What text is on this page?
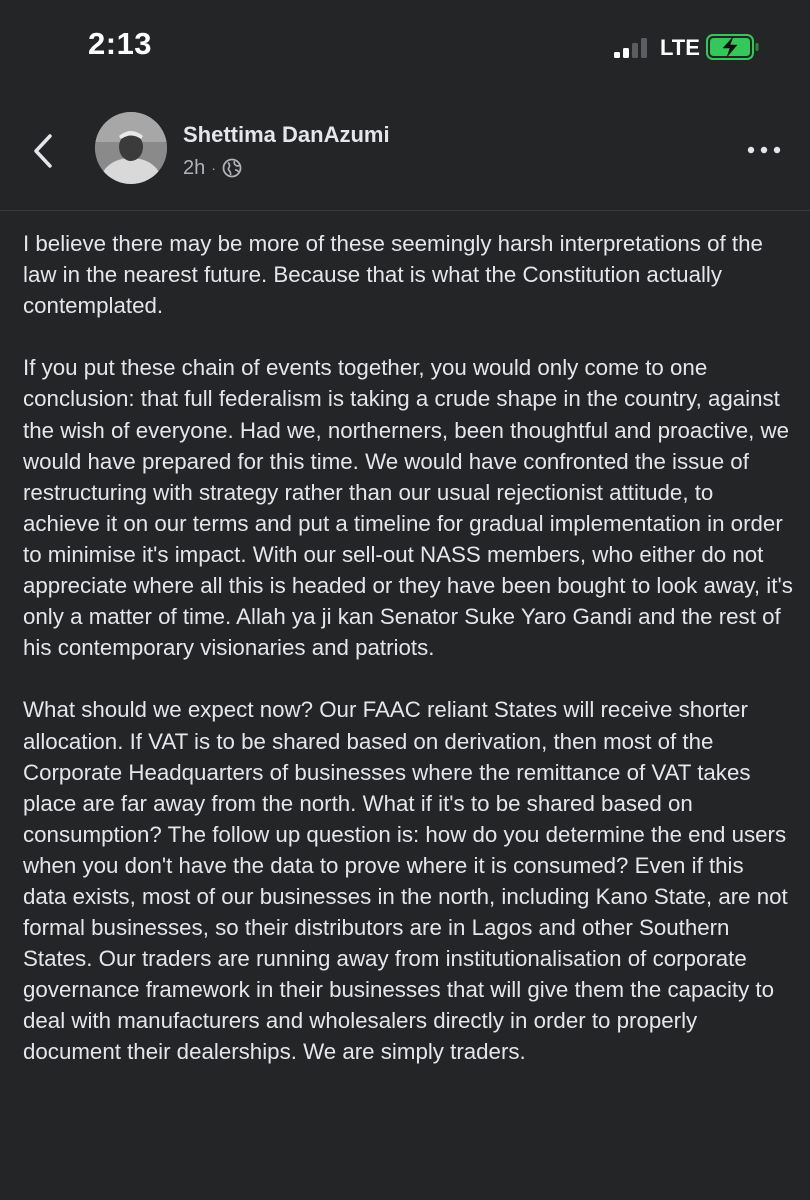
2:13	LTE
Shettima DanAzumi
2h ·

I believe there may be more of these seemingly harsh interpretations of the law in the nearest future. Because that is what the Constitution actually contemplated.

If you put these chain of events together, you would only come to one conclusion: that full federalism is taking a crude shape in the country, against the wish of everyone. Had we, northerners, been thoughtful and proactive, we would have prepared for this time. We would have confronted the issue of restructuring with strategy rather than our usual rejectionist attitude, to achieve it on our terms and put a timeline for gradual implementation in order to minimise it's impact. With our sell-out NASS members, who either do not appreciate where all this is headed or they have been bought to look away, it's only a matter of time. Allah ya ji kan Senator Suke Yaro Gandi and the rest of his contemporary visionaries and patriots.

What should we expect now? Our FAAC reliant States will receive shorter allocation. If VAT is to be shared based on derivation, then most of the Corporate Headquarters of businesses where the remittance of VAT takes place are far away from the north. What if it's to be shared based on consumption? The follow up question is: how do you determine the end users when you don't have the data to prove where it is consumed? Even if this data exists, most of our businesses in the north, including Kano State, are not formal businesses, so their distributors are in Lagos and other Southern States. Our traders are running away from institutionalisation of corporate governance framework in their businesses that will give them the capacity to deal with manufacturers and wholesalers directly in order to properly document their dealerships. We are simply traders.
